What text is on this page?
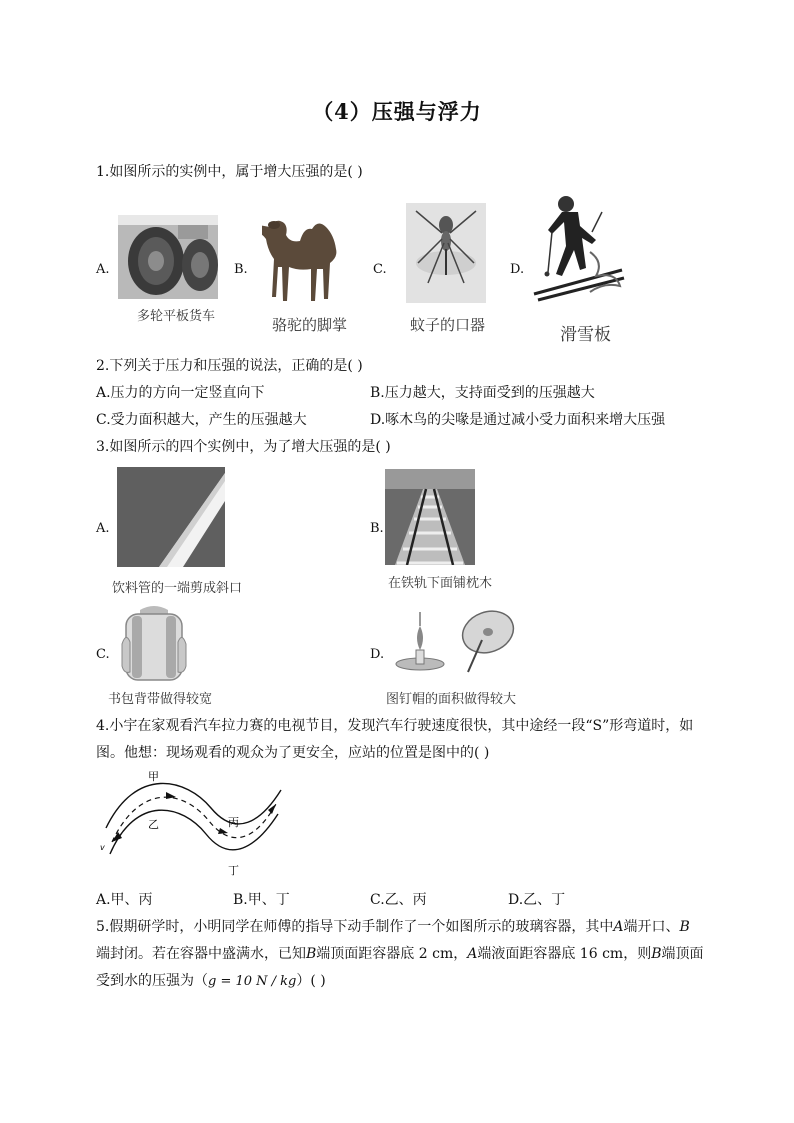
（4）压强与浮力
1.如图所示的实例中，属于增大压强的是( )
A.
多轮平板货车
B.
骆驼的脚掌
C.
蚊子的口器
D.
滑雪板
2.下列关于压力和压强的说法，正确的是( )
A.压力的方向一定竖直向下	B.压力越大，支持面受到的压强越大
C.受力面积越大，产生的压强越大	D.啄木鸟的尖喙是通过减小受力面积来增大压强
3.如图所示的四个实例中，为了增大压强的是( )
A.
饮料管的一端剪成斜口
B.
在铁轨下面铺枕木
C.
书包背带做得较宽
D.
图钉帽的面积做得较大
4.小宇在家观看汽车拉力赛的电视节目，发现汽车行驶速度很快，其中途经一段“S”形弯道时，如
图。他想：现场观看的观众为了更安全，应站的位置是图中的( )
甲
乙	丙
丁
v
A.甲、丙	B.甲、丁	C.乙、丙	D.乙、丁
5.假期研学时，小明同学在师傅的指导下动手制作了一个如图所示的玻璃容器，其中A端开口、B
端封闭。若在容器中盛满水，已知B端顶面距容器底 2 cm，A端液面距容器底 16 cm，则B端顶面
受到水的压强为（g = 10 N / kg）( )
